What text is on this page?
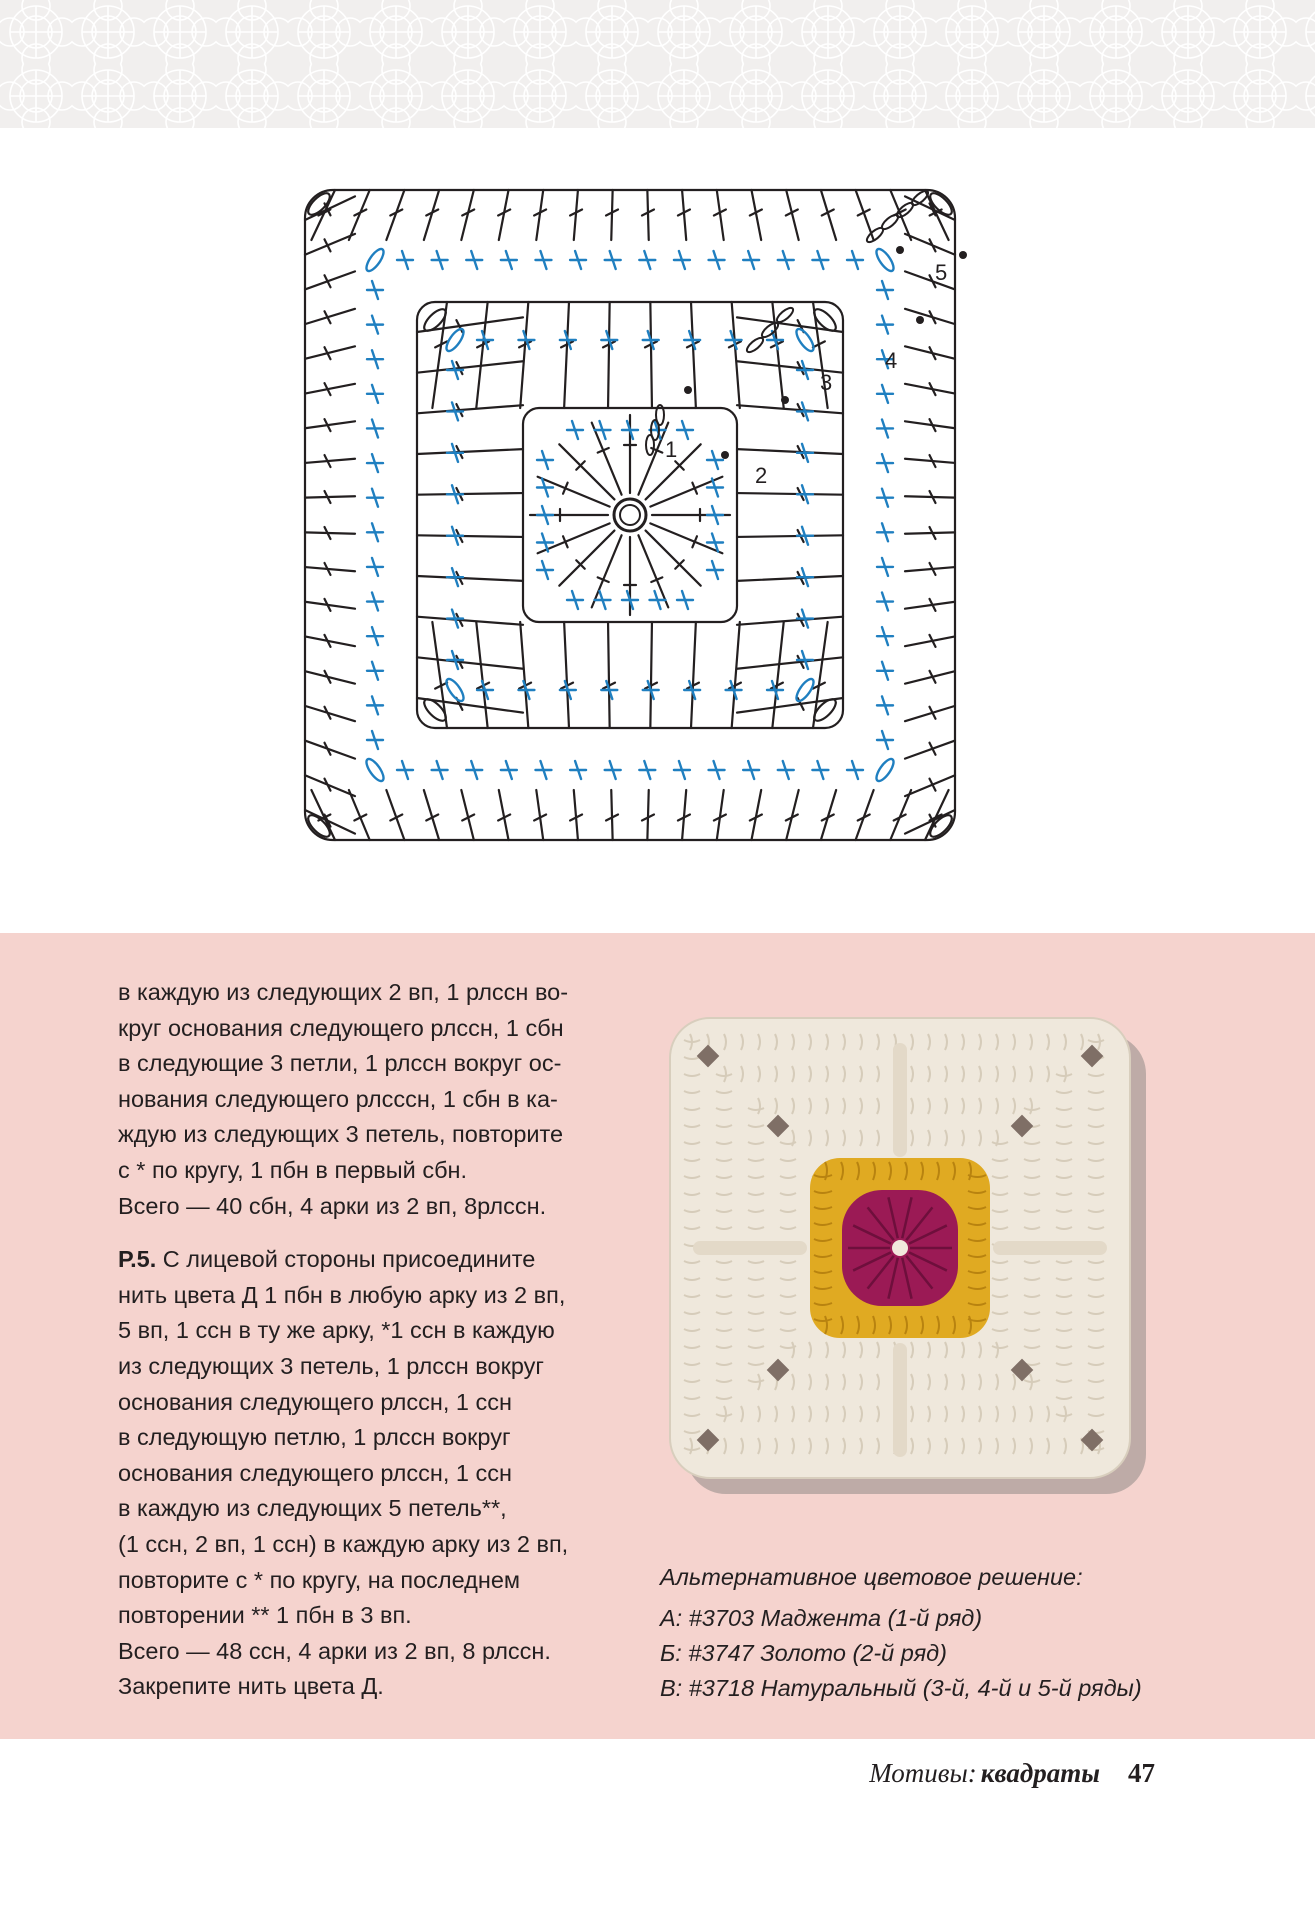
1
2
3
4
5

в каждую из следующих 2 вп, 1 рлссн во-

круг основания следующего рлссн, 1 сбн

в следующие 3 петли, 1 рлссн вокруг ос-

нования следующего рлсссн, 1 сбн в ка-

ждую из следующих 3 петель, повторите

с * по кругу, 1 пбн в первый сбн.

Всего — 40 сбн, 4 арки из 2 вп, 8рлссн.

Р.5. С лицевой стороны присоедините

нить цвета Д 1 пбн в любую арку из 2 вп,

5 вп, 1 ссн в ту же арку, *1 ссн в каждую

из следующих 3 петель, 1 рлссн вокруг

основания следующего рлссн, 1 ссн

в следующую петлю, 1 рлссн вокруг

основания следующего рлссн, 1 ссн

в каждую из следующих 5 петель**,

(1 ссн, 2 вп, 1 ссн) в каждую арку из 2 вп,

повторите с * по кругу, на последнем

повторении ** 1 пбн в 3 вп.

Всего — 48 ссн, 4 арки из 2 вп, 8 рлссн.

Закрепите нить цвета Д.

Альтернативное цветовое решение:

А: #3703 Маджента (1-й ряд)

Б: #3747 Золото (2-й ряд)

В: #3718 Натуральный (3-й, 4-й и 5-й ряды)

Мотивы: квадраты 47
